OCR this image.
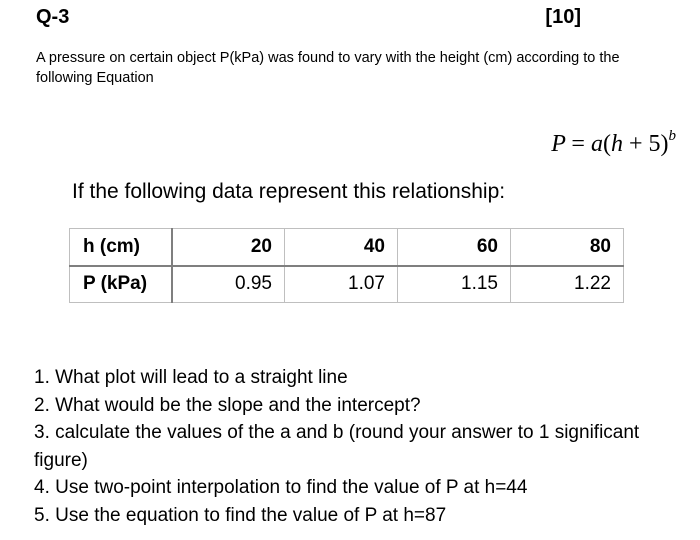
Q-3	[10]
A pressure on certain object P(kPa) was found to vary with the height (cm) according to the following Equation
$P = a(h + 5)^b$
If the following data represent this relationship:
h (cm)	20	40	60	80
P (kPa)	0.95	1.07	1.15	1.22
1. What plot will lead to a straight line
2. What would be the slope and the intercept?
3. calculate the values of the a and b (round your answer to 1 significant figure)
4. Use two-point interpolation to find the value of P at h=44
5. Use the equation to find the value of P at h=87
